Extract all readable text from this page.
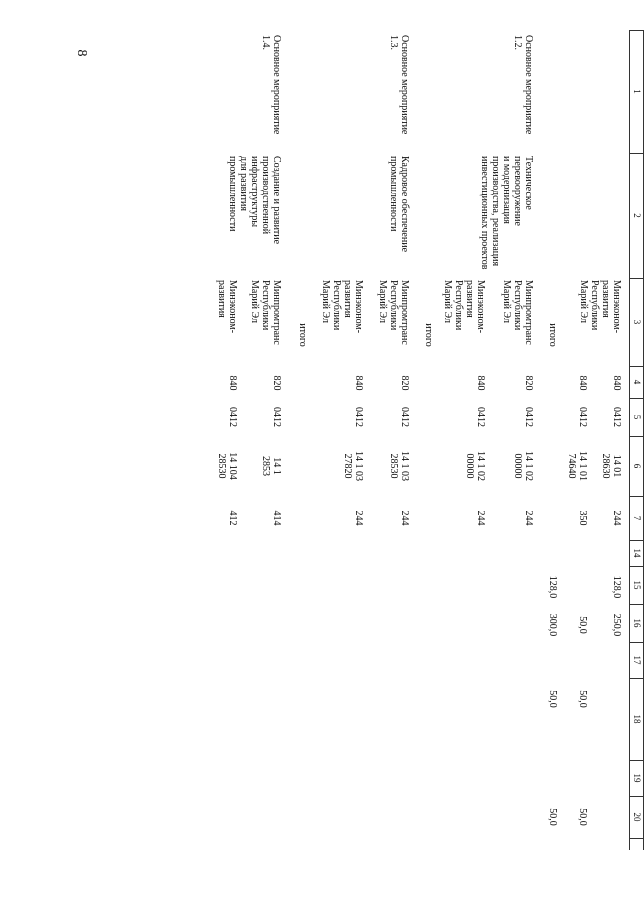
8
1
2
3
4
5
6
7
14
15
16
17
18
19
20
Минэконом-
развития
Республики
Марий Эл
840
0412
14 01
28630
244
128,0
250,0
840
0412
14 1 01
74640
350
50,0
50,0
50,0
итого
128,0
300,0
50,0
50,0
Основное мероприятие
1.2.
Техническое
перевооружение
и модернизация
производства, реализация
инвестиционных проектов
Минпромтранс
Республики
Марий Эл
820
0412
14 1 02
00000
244
Минэконом-
развития
Республики
Марий Эл
840
0412
14 1 02
00000
244
итого
Основное мероприятие
1.3.
Кадровое обеспечение
промышленности
Минпромтранс
Республики
Марий Эл
820
0412
14 1 03
28530
244
Минэконом-
развития
Республики
Марий Эл
840
0412
14 1 03
27820
244
итого
Основное мероприятие
1.4.
Создание и развитие
производственной
инфраструктуры
для развития
промышленности
Минпромтранс
Республики
Марий Эл
820
0412
14 1
2853
414
Минэконом-
развития
840
0412
14 104
28530
412
